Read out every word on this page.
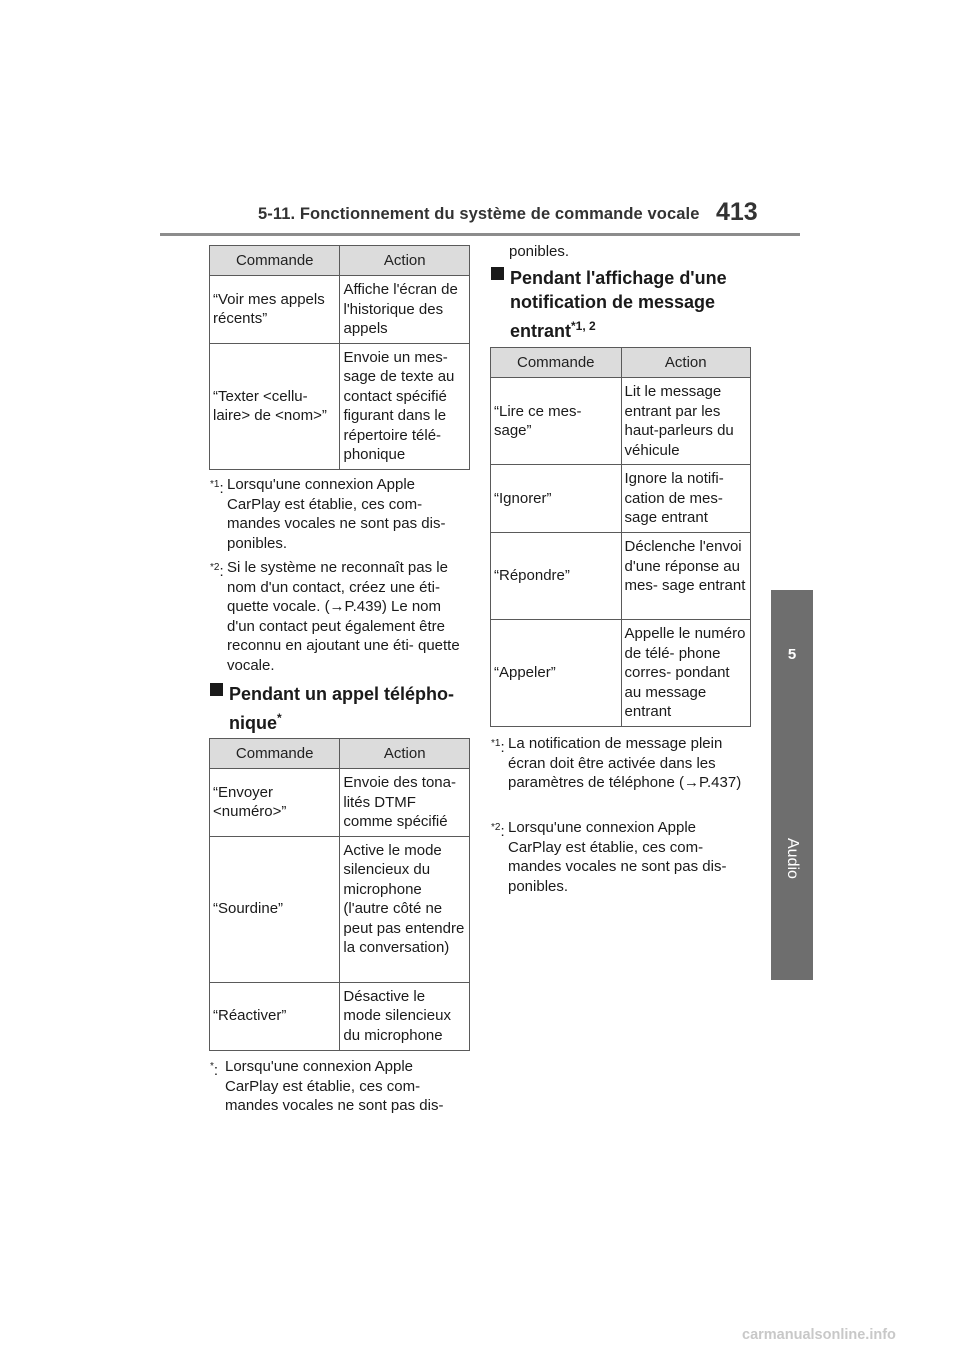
5-11. Fonctionnement du système de commande vocale 413
5
Audio
Commande	Action
“Voir mes appels récents”	Affiche l'écran de l'historique des appels
“Texter <cellu- laire> de <nom>”	Envoie un mes- sage de texte au contact spécifié figurant dans le répertoire télé- phonique
$^{*1}$: Lorsqu'une connexion Apple CarPlay est établie, ces com- mandes vocales ne sont pas dis- ponibles.
$^{*2}$: Si le système ne reconnaît pas le nom d'un contact, créez une éti- quette vocale. (→P.439) Le nom d'un contact peut également être reconnu en ajoutant une éti- quette vocale.
Pendant un appel télépho- nique*
Commande	Action
“Envoyer <numéro>”	Envoie des tona- lités DTMF comme spécifié
“Sourdine”	Active le mode silencieux du microphone (l'autre côté ne peut pas entendre la conversation)
“Réactiver”	Désactive le mode silencieux du microphone
*: Lorsqu'une connexion Apple CarPlay est établie, ces com- mandes vocales ne sont pas dis-
ponibles.
Pendant l'affichage d'une notification de message entrant$^{*1, 2}$
Commande	Action
“Lire ce mes- sage”	Lit le message entrant par les haut-parleurs du véhicule
“Ignorer”	Ignore la notifi- cation de mes- sage entrant
“Répondre”	Déclenche l'envoi d'une réponse au mes- sage entrant
“Appeler”	Appelle le numéro de télé- phone corres- pondant au message entrant
$^{*1}$: La notification de message plein écran doit être activée dans les paramètres de téléphone (→P.437)
$^{*2}$: Lorsqu'une connexion Apple CarPlay est établie, ces com- mandes vocales ne sont pas dis- ponibles.
carmanualsonline.info
